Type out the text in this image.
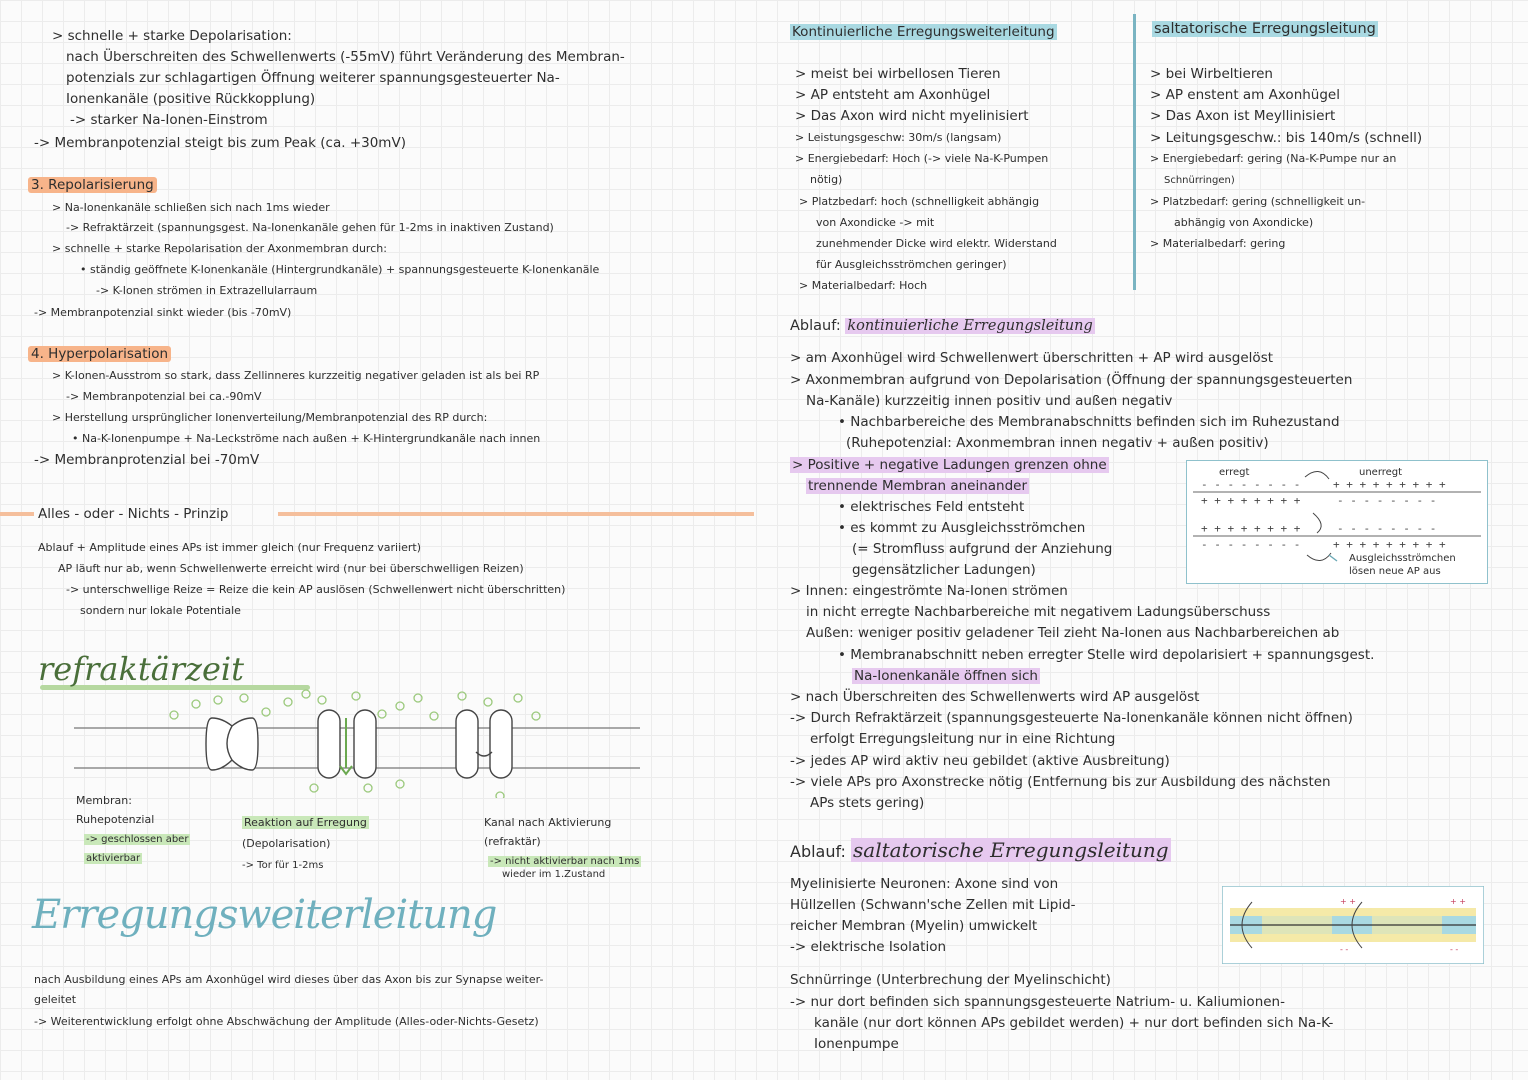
> schnelle + starke Depolarisation:
nach Überschreiten des Schwellenwerts (-55mV) führt Veränderung des Membran-
potenzials zur schlagartigen Öffnung weiterer spannungsgesteuerter Na-
Ionenkanäle (positive Rückkopplung)
-> starker Na-Ionen-Einstrom
-> Membranpotenzial steigt bis zum Peak (ca. +30mV)
3. Repolarisierung
> Na-Ionenkanäle schließen sich nach 1ms wieder
-> Refraktärzeit (spannungsgest. Na-Ionenkanäle gehen für 1-2ms in inaktiven Zustand)
> schnelle + starke Repolarisation der Axonmembran durch:
• ständig geöffnete K-Ionenkanäle (Hintergrundkanäle) + spannungsgesteuerte K-Ionenkanäle
-> K-Ionen strömen in Extrazellularraum
-> Membranpotenzial sinkt wieder (bis -70mV)
4. Hyperpolarisation
> K-Ionen-Ausstrom so stark, dass Zellinneres kurzzeitig negativer geladen ist als bei RP
-> Membranpotenzial bei ca.-90mV
> Herstellung ursprünglicher Ionenverteilung/Membranpotenzial des RP durch:
• Na-K-Ionenpumpe + Na-Leckströme nach außen + K-Hintergrundkanäle nach innen
-> Membranprotenzial bei -70mV
Alles - oder - Nichts - Prinzip
Ablauf + Amplitude eines APs ist immer gleich (nur Frequenz variiert)
AP läuft nur ab, wenn Schwellenwerte erreicht wird (nur bei überschwelligen Reizen)
-> unterschwellige Reize = Reize die kein AP auslösen (Schwellenwert nicht überschritten)
sondern nur lokale Potentiale
refraktärzeit
Membran:
Ruhepotenzial
-> geschlossen aber
aktivierbar
Reaktion auf Erregung
(Depolarisation)
-> Tor für 1-2ms
Kanal nach Aktivierung
(refraktär)
-> nicht aktivierbar nach 1ms
wieder im 1.Zustand
Erregungsweiterleitung
nach Ausbildung eines APs am Axonhügel wird dieses über das Axon bis zur Synapse weiter-
geleitet
-> Weiterentwicklung erfolgt ohne Abschwächung der Amplitude (Alles-oder-Nichts-Gesetz)
Kontinuierliche Erregungsweiterleitung
> meist bei wirbellosen Tieren
> AP entsteht am Axonhügel
> Das Axon wird nicht myelinisiert
> Leistungsgeschw: 30m/s (langsam)
> Energiebedarf: Hoch (-> viele Na-K-Pumpen
nötig)
> Platzbedarf: hoch (schnelligkeit abhängig
von Axondicke -> mit
zunehmender Dicke wird elektr. Widerstand
für Ausgleichsströmchen geringer)
> Materialbedarf: Hoch
saltatorische Erregungsleitung
> bei Wirbeltieren
> AP enstent am Axonhügel
> Das Axon ist Meyllinisiert
> Leitungsgeschw.: bis 140m/s (schnell)
> Energiebedarf: gering (Na-K-Pumpe nur an
Schnürringen)
> Platzbedarf: gering (schnelligkeit un-
abhängig von Axondicke)
> Materialbedarf: gering
Ablauf: kontinuierliche Erregungsleitung
> am Axonhügel wird Schwellenwert überschritten + AP wird ausgelöst
> Axonmembran aufgrund von Depolarisation (Öffnung der spannungsgesteuerten
Na-Kanäle) kurzzeitig innen positiv und außen negativ
• Nachbarbereiche des Membranabschnitts befinden sich im Ruhezustand
(Ruhepotenzial: Axonmembran innen negativ + außen positiv)
> Positive + negative Ladungen grenzen ohne
trennende Membran aneinander
• elektrisches Feld entsteht
• es kommt zu Ausgleichsströmchen
(= Stromfluss aufgrund der Anziehung
gegensätzlicher Ladungen)
> Innen: eingeströmte Na-Ionen strömen
in nicht erregte Nachbarbereiche mit negativem Ladungsüberschuss
Außen: weniger positiv geladener Teil zieht Na-Ionen aus Nachbarbereichen ab
• Membranabschnitt neben erregter Stelle wird depolarisiert + spannungsgest.
Na-Ionenkanäle öffnen sich
> nach Überschreiten des Schwellenwerts wird AP ausgelöst
-> Durch Refraktärzeit (spannungsgesteuerte Na-Ionenkanäle können nicht öffnen)
erfolgt Erregungsleitung nur in eine Richtung
-> jedes AP wird aktiv neu gebildet (aktive Ausbreitung)
-> viele APs pro Axonstrecke nötig (Entfernung bis zur Ausbildung des nächsten
APs stets gering)
erregt	unerregt
- - - - - - - -	+ + + + + + + + +
+ + + + + + + +	- - - - - - - -
+ + + + + + + +	- - - - - - - -
- - - - - - - -	+ + + + + + + + +
Ausgleichsströmchen
lösen neue AP aus
Ablauf: saltatorische Erregungsleitung
Myelinisierte Neuronen: Axone sind von
Hüllzellen (Schwann'sche Zellen mit Lipid-
reicher Membran (Myelin) umwickelt
-> elektrische Isolation
Schnürringe (Unterbrechung der Myelinschicht)
-> nur dort befinden sich spannungsgesteuerte Natrium- u. Kaliumionen-
kanäle (nur dort können APs gebildet werden) + nur dort befinden sich Na-K-
Ionenpumpe
+ +	+ +
- -	- -
